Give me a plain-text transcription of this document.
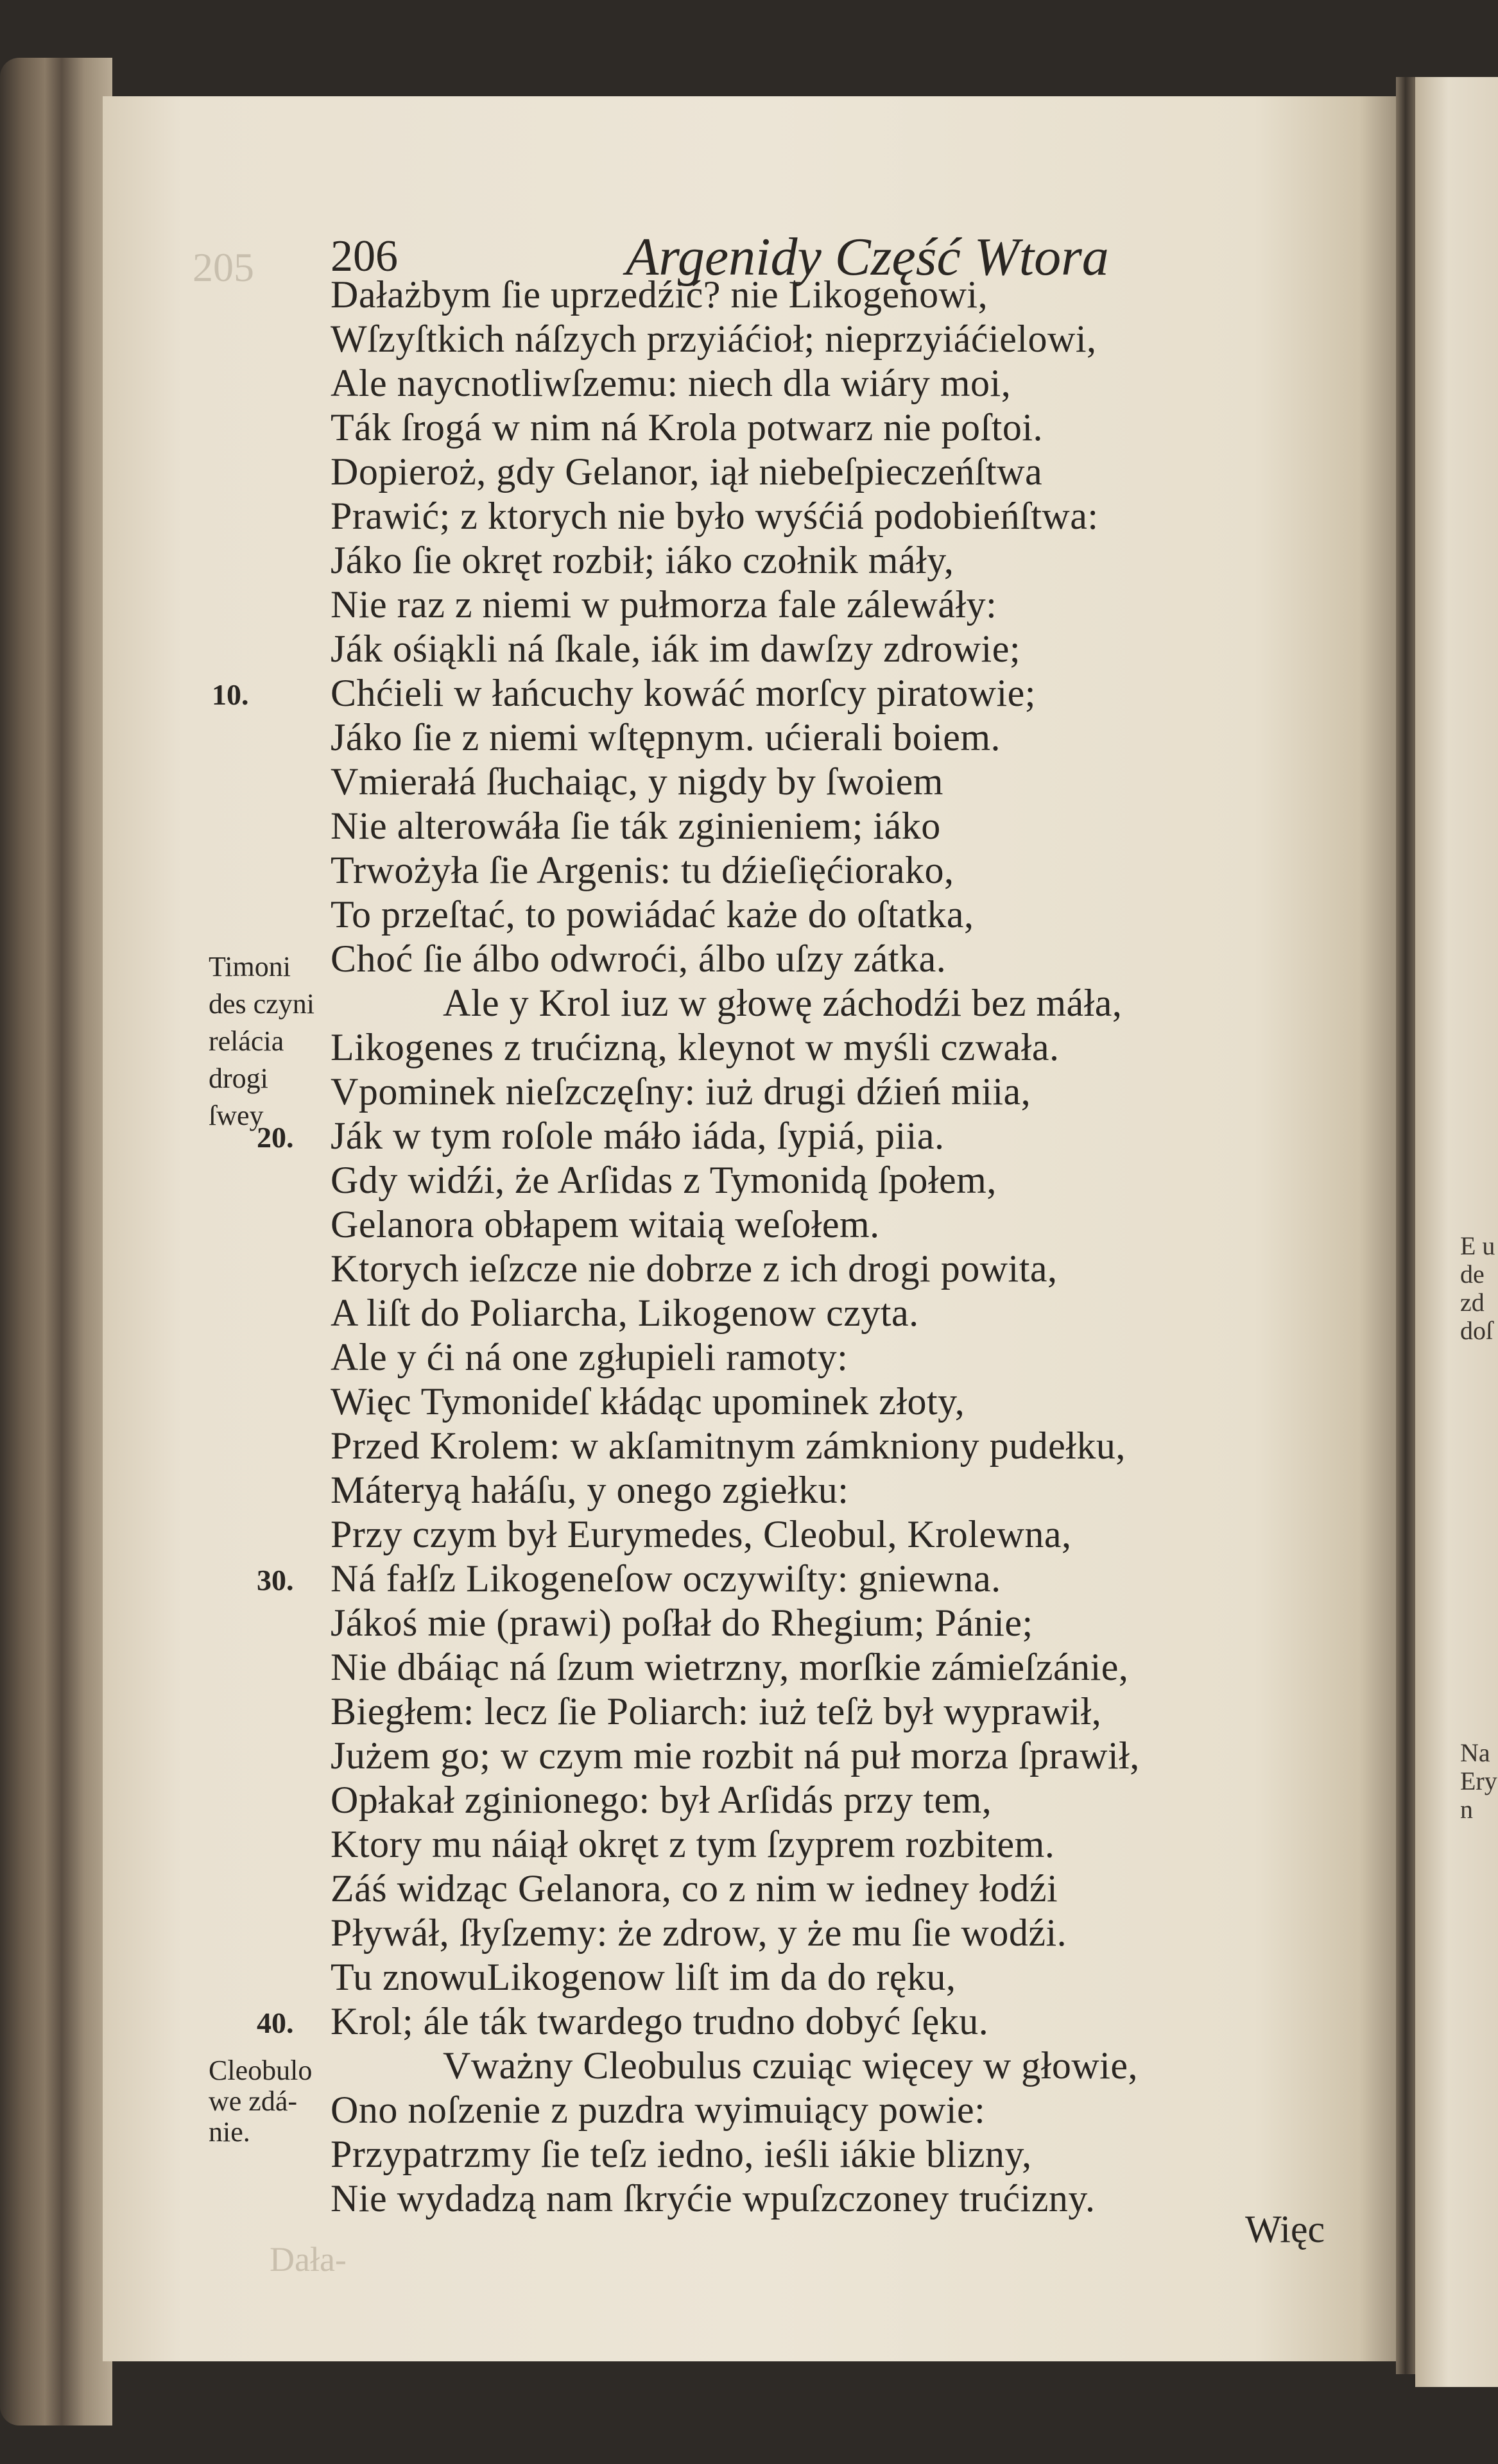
205 206	Argenidy Część Wtora
Dałażbym ſie uprzedźić? nie Likogenowi,
Wſzyſtkich náſzych przyiáćioł; nieprzyiáćielowi,
Ale naycnotliwſzemu: niech dla wiáry moi,
Ták ſrogá w nim ná Krola potwarz nie poſtoi.
Dopieroż, gdy Gelanor, iął niebeſpieczeńſtwa
Prawić; z ktorych nie było wyśćiá podobieńſtwa:
Jáko ſie okręt rozbił; iáko czołnik máły,
Nie raz z niemi w pułmorza fale zálewáły:
Ják ośiąkli ná ſkale, iák im dawſzy zdrowie;
Chćieli w łańcuchy kowáć morſcy piratowie;
10.
Jáko ſie z niemi wſtępnym. ućierali boiem.
Vmierałá ſłuchaiąc, y nigdy by ſwoiem
Nie alterowáła ſie ták zginieniem; iáko
Trwożyła ſie Argenis: tu dźieſięćiorako,
To przeſtać, to powiádać każe do oſtatka,
Choć ſie álbo odwroći, álbo uſzy zátka.
Ale y Krol iuz w głowę záchodźi bez máła,
Likogenes z trućizną, kleynot w myśli czwała.
Vpominek nieſzczęſny: iuż drugi dźień miia,
Ják w tym roſole máło iáda, ſypiá, piia.
20.
Gdy widźi, że Arſidas z Tymonidą ſpołem,
Gelanora obłapem witaią weſołem.
Ktorych ieſzcze nie dobrze z ich drogi powita,
A liſt do Poliarcha, Likogenow czyta.
Ale y ći ná one zgłupieli ramoty:
Więc Tymonideſ kłádąc upominek złoty,
Przed Krolem: w akſamitnym zámkniony pudełku,
Máteryą hałáſu, y onego zgiełku:
Przy czym był Eurymedes, Cleobul, Krolewna,
Ná fałſz Likogeneſow oczywiſty: gniewna.
30.
Jákoś mie (prawi) poſłał do Rhegium; Pánie;
Nie dbáiąc ná ſzum wietrzny, morſkie zámieſzánie,
Biegłem: lecz ſie Poliarch: iuż teſż był wyprawił,
Jużem go; w czym mie rozbit ná puł morza ſprawił,
Opłakał zginionego: był Arſidás przy tem,
Ktory mu náiął okręt z tym ſzyprem rozbitem.
Záś widząc Gelanora, co z nim w iedney łodźi
Pływáł, ſłyſzemy: że zdrow, y że mu ſie wodźi.
Tu znowuLikogenow liſt im da do ręku,
Krol; ále ták twardego trudno dobyć ſęku.
40.
Vważny Cleobulus czuiąc więcey w głowie,
Ono noſzenie z puzdra wyimuiący powie:
Przypatrzmy ſie teſz iedno, ieśli iákie blizny,
Nie wydadzą nam ſkryćie wpuſzczoney trućizny.
Timoni
des czyni
relácia
drogi
ſwey
Cleobulo
we zdá-
nie.
E u
de
zd
doſ
Na
Ery
n
Więc
Dała-
